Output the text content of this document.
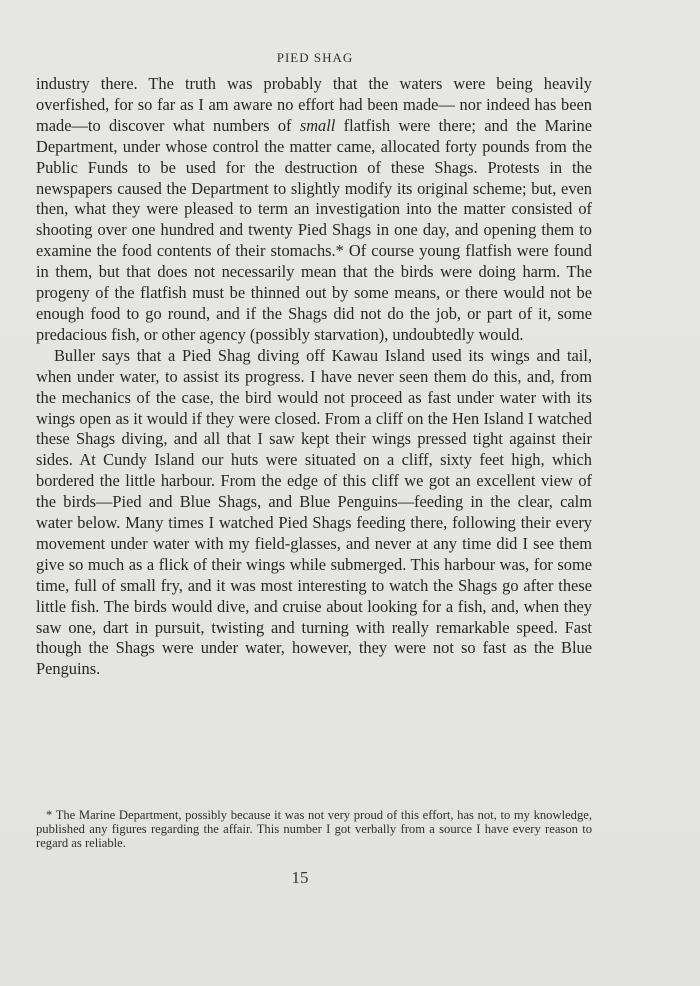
PIED SHAG

industry there. The truth was probably that the waters were being heavily overfished, for so far as I am aware no effort had been made— nor indeed has been made—to discover what numbers of small flatfish were there; and the Marine Department, under whose control the matter came, allocated forty pounds from the Public Funds to be used for the destruction of these Shags. Protests in the newspapers caused the Department to slightly modify its original scheme; but, even then, what they were pleased to term an investigation into the matter consisted of shooting over one hundred and twenty Pied Shags in one day, and opening them to examine the food contents of their stomachs.* Of course young flatfish were found in them, but that does not necessarily mean that the birds were doing harm. The progeny of the flatfish must be thinned out by some means, or there would not be enough food to go round, and if the Shags did not do the job, or part of it, some predacious fish, or other agency (possibly starvation), undoubtedly would.

Buller says that a Pied Shag diving off Kawau Island used its wings and tail, when under water, to assist its progress. I have never seen them do this, and, from the mechanics of the case, the bird would not proceed as fast under water with its wings open as it would if they were closed. From a cliff on the Hen Island I watched these Shags diving, and all that I saw kept their wings pressed tight against their sides. At Cundy Island our huts were situated on a cliff, sixty feet high, which bordered the little harbour. From the edge of this cliff we got an excellent view of the birds—Pied and Blue Shags, and Blue Penguins—feeding in the clear, calm water below. Many times I watched Pied Shags feeding there, following their every movement under water with my field-glasses, and never at any time did I see them give so much as a flick of their wings while submerged. This harbour was, for some time, full of small fry, and it was most interesting to watch the Shags go after these little fish. The birds would dive, and cruise about looking for a fish, and, when they saw one, dart in pursuit, twisting and turning with really remarkable speed. Fast though the Shags were under water, however, they were not so fast as the Blue Penguins.

* The Marine Department, possibly because it was not very proud of this effort, has not, to my knowledge, published any figures regarding the affair. This number I got verbally from a source I have every reason to regard as reliable.

15
